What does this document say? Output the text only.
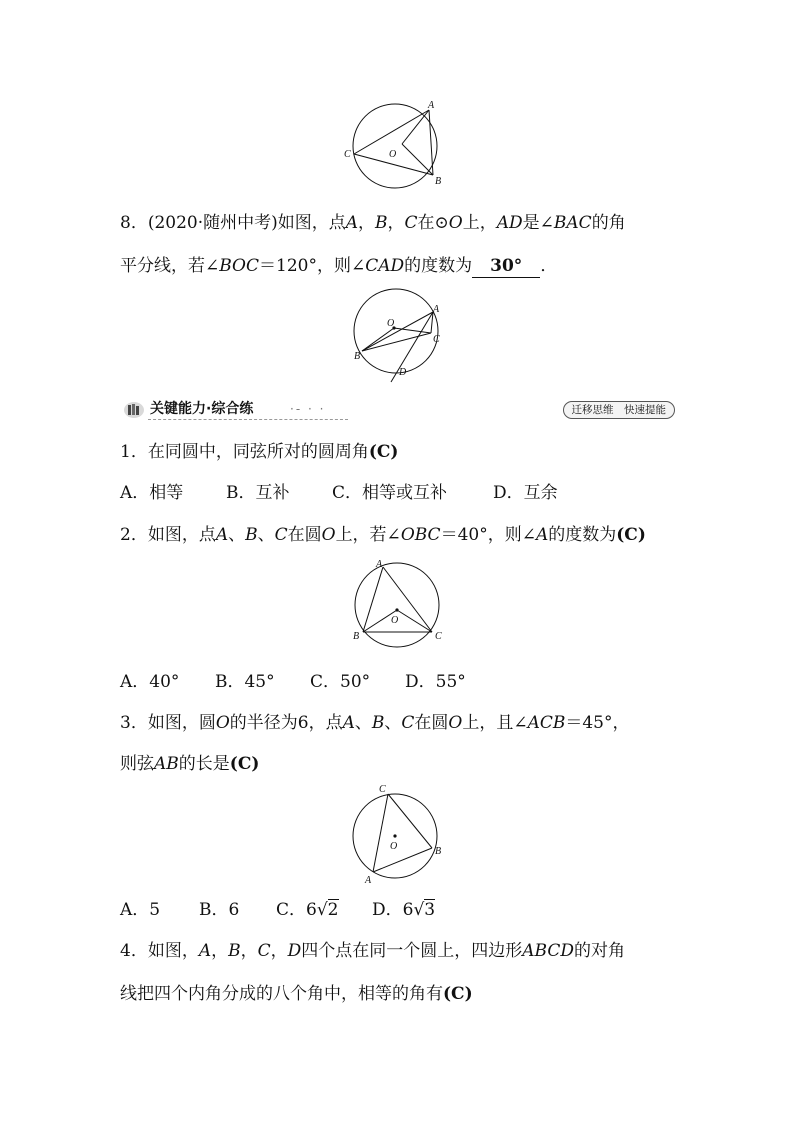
A
B
C	O
8．(2020·随州中考)如图，点A，B，C在⊙O上，AD是∠BAC的角
平分线，若∠BOC＝120°，则∠CAD的度数为 30° ．
A
B
C
D
O
关键能力·综合练	·- · ·	迁移思维　快速提能
1．在同圆中，同弦所对的圆周角(C)
A．相等	B．互补	C．相等或互补	D．互余
2．如图，点A、B、C在圆O上，若∠OBC＝40°，则∠A的度数为(C)
A
B	C
O
A．40° B．45° C．50° D．55°
3．如图，圆O的半径为6，点A、B、C在圆O上，且∠ACB＝45°，
则弦AB的长是(C)
A
B
C
O
A．5 B．6 C．6√2 D．6√3
4．如图，A，B，C，D四个点在同一个圆上，四边形ABCD的对角
线把四个内角分成的八个角中，相等的角有(C)
